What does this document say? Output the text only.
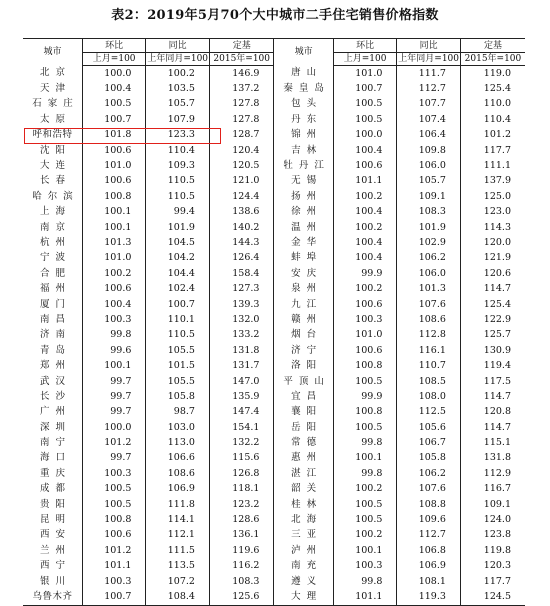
表2：2019年5月70个大中城市二手住宅销售价格指数
城市	环比	同比	定基	城市	环比	同比	定基
	上月=100	上年同月=100	2015年=100		上月=100	上年同月=100	2015年=100
北京	100.0	100.2	146.9	唐山	101.0	111.7	119.0
天津	100.4	103.5	137.2	秦皇岛	100.7	112.7	125.4
石家庄	100.5	105.7	127.8	包头	100.5	107.7	110.0
太原	100.7	107.9	127.8	丹东	100.5	107.4	110.4
呼和浩特	101.8	123.3	128.7	锦州	100.0	106.4	101.2
沈阳	100.6	110.4	120.4	吉林	100.4	109.8	117.7
大连	101.0	109.3	120.5	牡丹江	100.6	106.0	111.1
长春	100.6	110.5	121.0	无锡	101.1	105.7	137.9
哈尔滨	100.8	110.5	124.4	扬州	100.2	109.1	125.0
上海	100.1	99.4	138.6	徐州	100.4	108.3	123.0
南京	100.1	101.9	140.2	温州	100.2	101.9	114.3
杭州	101.3	104.5	144.3	金华	100.4	102.9	120.0
宁波	101.0	104.2	126.4	蚌埠	100.4	106.2	121.9
合肥	100.2	104.4	158.4	安庆	99.9	106.0	120.6
福州	100.6	102.4	127.3	泉州	100.2	101.3	114.7
厦门	100.4	100.7	139.3	九江	100.6	107.6	125.4
南昌	100.3	110.1	132.0	赣州	100.3	108.6	122.9
济南	99.8	110.5	133.2	烟台	101.0	112.8	125.7
青岛	99.6	105.5	131.8	济宁	100.6	116.1	130.9
郑州	100.1	101.5	131.7	洛阳	100.8	110.7	119.4
武汉	99.7	105.5	147.0	平顶山	100.5	108.5	117.5
长沙	99.7	105.8	135.9	宜昌	99.9	108.0	114.7
广州	99.7	98.7	147.4	襄阳	100.8	112.5	120.8
深圳	100.0	103.0	154.1	岳阳	100.5	105.6	114.7
南宁	101.2	113.0	132.2	常德	99.8	106.7	115.1
海口	99.7	106.6	115.6	惠州	100.1	105.8	131.8
重庆	100.3	108.6	126.8	湛江	99.8	106.2	112.9
成都	100.5	106.9	118.1	韶关	100.2	107.6	116.7
贵阳	100.5	111.8	123.2	桂林	100.5	108.8	109.1
昆明	100.8	114.1	128.6	北海	100.5	109.6	124.0
西安	100.6	112.1	136.1	三亚	100.2	112.7	123.8
兰州	101.2	111.5	119.6	泸州	100.1	106.8	119.8
西宁	101.1	113.5	116.2	南充	100.3	106.9	120.3
银川	100.3	107.2	108.3	遵义	99.8	108.1	117.7
乌鲁木齐	100.7	108.4	125.6	大理	101.1	119.3	124.5
